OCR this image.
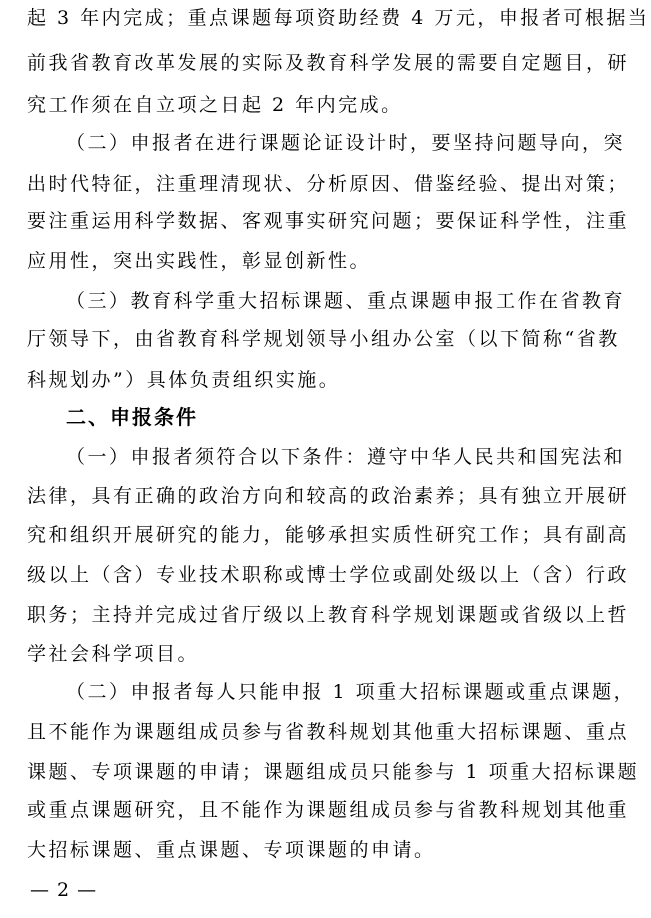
起 3 年内完成；重点课题每项资助经费 4 万元，申报者可根据当
前我省教育改革发展的实际及教育科学发展的需要自定题目，研
究工作须在自立项之日起 2 年内完成。
（二）申报者在进行课题论证设计时，要坚持问题导向，突
出时代特征，注重理清现状、分析原因、借鉴经验、提出对策；
要注重运用科学数据、客观事实研究问题；要保证科学性，注重
应用性，突出实践性，彰显创新性。
（三）教育科学重大招标课题、重点课题申报工作在省教育
厅领导下，由省教育科学规划领导小组办公室（以下简称“省教
科规划办”）具体负责组织实施。
二、申报条件
（一）申报者须符合以下条件：遵守中华人民共和国宪法和
法律，具有正确的政治方向和较高的政治素养；具有独立开展研
究和组织开展研究的能力，能够承担实质性研究工作；具有副高
级以上（含）专业技术职称或博士学位或副处级以上（含）行政
职务；主持并完成过省厅级以上教育科学规划课题或省级以上哲
学社会科学项目。
（二）申报者每人只能申报 1 项重大招标课题或重点课题，
且不能作为课题组成员参与省教科规划其他重大招标课题、重点
课题、专项课题的申请；课题组成员只能参与 1 项重大招标课题
或重点课题研究，且不能作为课题组成员参与省教科规划其他重
大招标课题、重点课题、专项课题的申请。
— 2 —
